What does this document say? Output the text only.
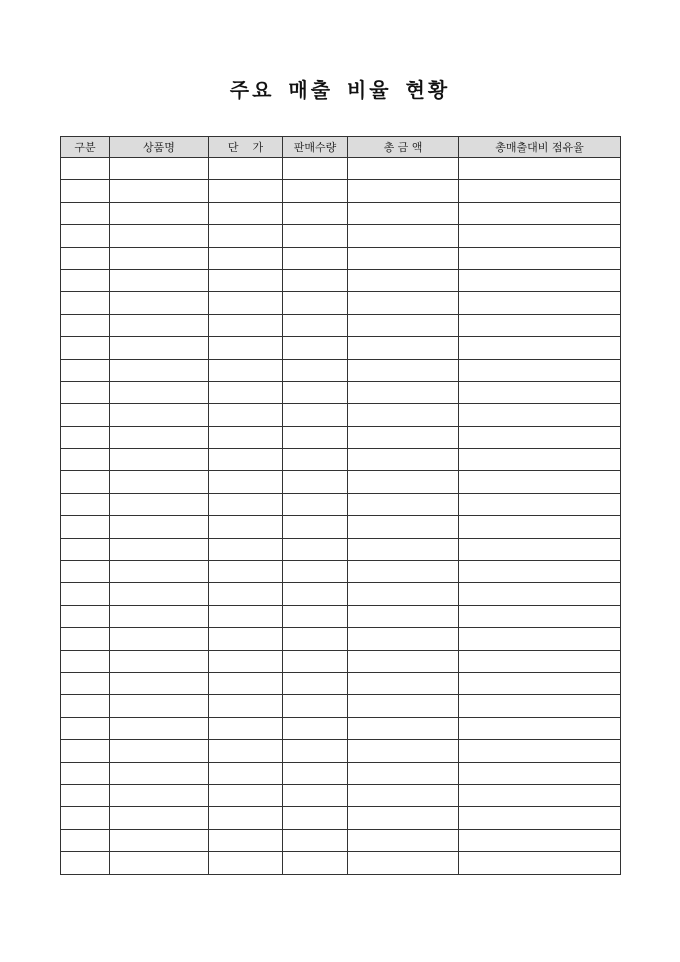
주요 매출 비율 현황
구분	상품명	단    가	판매수량	총 금 액	총매출대비 점유율
